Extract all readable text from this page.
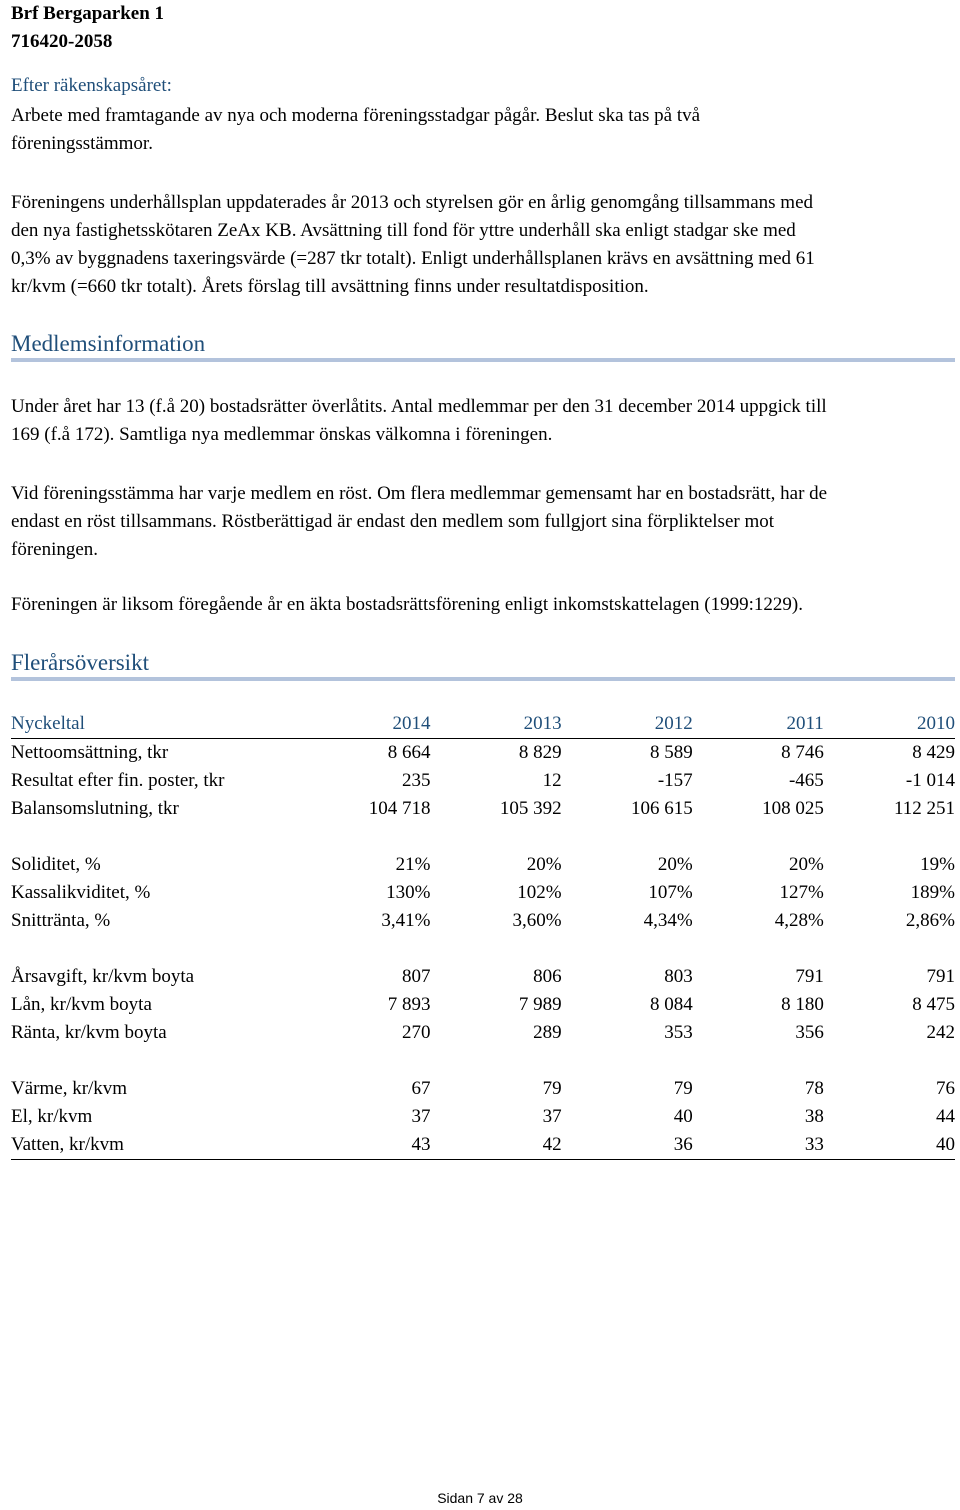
Brf Bergaparken 1
716420-2058
Efter räkenskapsåret:
Arbete med framtagande av nya och moderna föreningsstadgar pågår. Beslut ska tas på två
föreningsstämmor.
Föreningens underhållsplan uppdaterades år 2013 och styrelsen gör en årlig genomgång tillsammans med
den nya fastighetsskötaren ZeAx KB. Avsättning till fond för yttre underhåll ska enligt stadgar ske med
0,3% av byggnadens taxeringsvärde (=287 tkr totalt). Enligt underhållsplanen krävs en avsättning med 61
kr/kvm (=660 tkr totalt). Årets förslag till avsättning finns under resultatdisposition.
Medlemsinformation
Under året har 13 (f.å 20) bostadsrätter överlåtits. Antal medlemmar per den 31 december 2014 uppgick till
169 (f.å 172). Samtliga nya medlemmar önskas välkomna i föreningen.
Vid föreningsstämma har varje medlem en röst. Om flera medlemmar gemensamt har en bostadsrätt, har de
endast en röst tillsammans. Röstberättigad är endast den medlem som fullgjort sina förpliktelser mot
föreningen.
Föreningen är liksom föregående år en äkta bostadsrättsförening enligt inkomstskattelagen (1999:1229).
Flerårsöversikt
Nyckeltal	2014	2013	2012	2011	2010
Nettoomsättning, tkr	8 664	8 829	8 589	8 746	8 429
Resultat efter fin. poster, tkr	235	12	-157	-465	-1 014
Balansomslutning, tkr	104 718	105 392	106 615	108 025	112 251

Soliditet, %	21%	20%	20%	20%	19%
Kassalikviditet, %	130%	102%	107%	127%	189%
Snittränta, %	3,41%	3,60%	4,34%	4,28%	2,86%

Årsavgift, kr/kvm boyta	807	806	803	791	791
Lån, kr/kvm boyta	7 893	7 989	8 084	8 180	8 475
Ränta, kr/kvm boyta	270	289	353	356	242

Värme, kr/kvm	67	79	79	78	76
El, kr/kvm	37	37	40	38	44
Vatten, kr/kvm	43	42	36	33	40
Sidan 7 av 28
